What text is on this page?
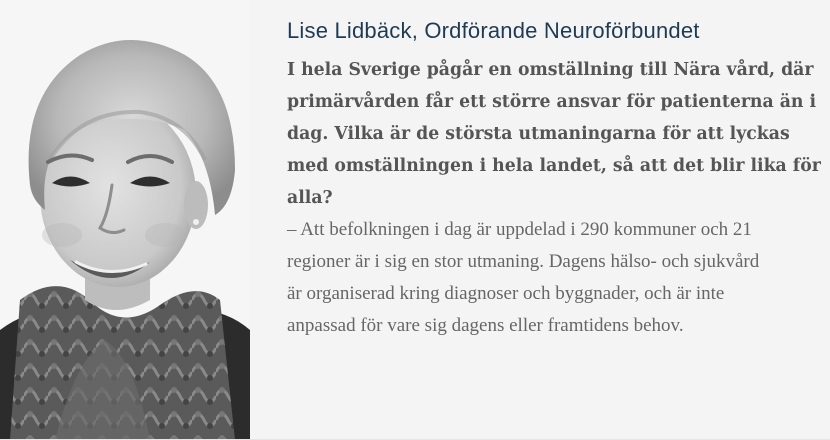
Lise Lidbäck, Ordförande Neuroförbundet
I hela Sverige pågår en omställning till Nära vård, där
primärvården får ett större ansvar för patienterna än i
dag. Vilka är de största utmaningarna för att lyckas
med omställningen i hela landet, så att det blir lika för
alla?
– Att befolkningen i dag är uppdelad i 290 kommuner och 21
regioner är i sig en stor utmaning. Dagens hälso- och sjukvård
är organiserad kring diagnoser och byggnader, och är inte
anpassad för vare sig dagens eller framtidens behov.
